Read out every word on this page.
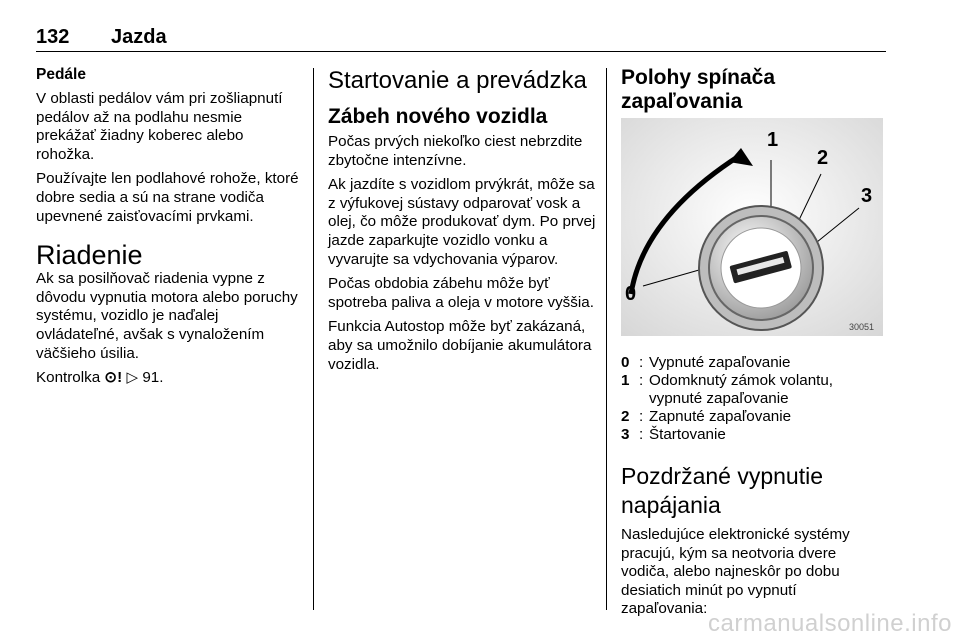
132 Jazda
Pedále

V oblasti pedálov vám pri zošliapnutí pedálov až na podlahu nesmie prekážať žiadny koberec alebo rohožka.

Používajte len podlahové rohože, ktoré dobre sedia a sú na strane vodiča upevnené zaisťovacími prvkami.

Riadenie

Ak sa posilňovač riadenia vypne z dôvodu vypnutia motora alebo poruchy systému, vozidlo je naďalej ovládateľné, avšak s vynaložením väčšieho úsilia.

Kontrolka ⊙! ▷ 91.

Startovanie a prevádzka
Zábeh nového vozidla

Počas prvých niekoľko ciest nebrzdite zbytočne intenzívne.

Ak jazdíte s vozidlom prvýkrát, môže sa z výfukovej sústavy odparovať vosk a olej, čo môže produkovať dym. Po prvej jazde zaparkujte vozidlo vonku a vyvarujte sa vdychovania výparov.

Počas obdobia zábehu môže byť spotreba paliva a oleja v motore vyššia.

Funkcia Autostop môže byť zakázaná, aby sa umožnilo dobíjanie akumulátora vozidla.

Polohy spínača zapaľovania
1
2
3
0
30051
0 : Vypnuté zapaľovanie
1 : Odomknutý zámok volantu, vypnuté zapaľovanie
2 : Zapnuté zapaľovanie
3 : Štartovanie
Pozdržané vypnutie napájania

Nasledujúce elektronické systémy pracujú, kým sa neotvoria dvere vodiča, alebo najneskôr po dobu desiatich minút po vypnutí zapaľovania:

carmanualsonline.info
